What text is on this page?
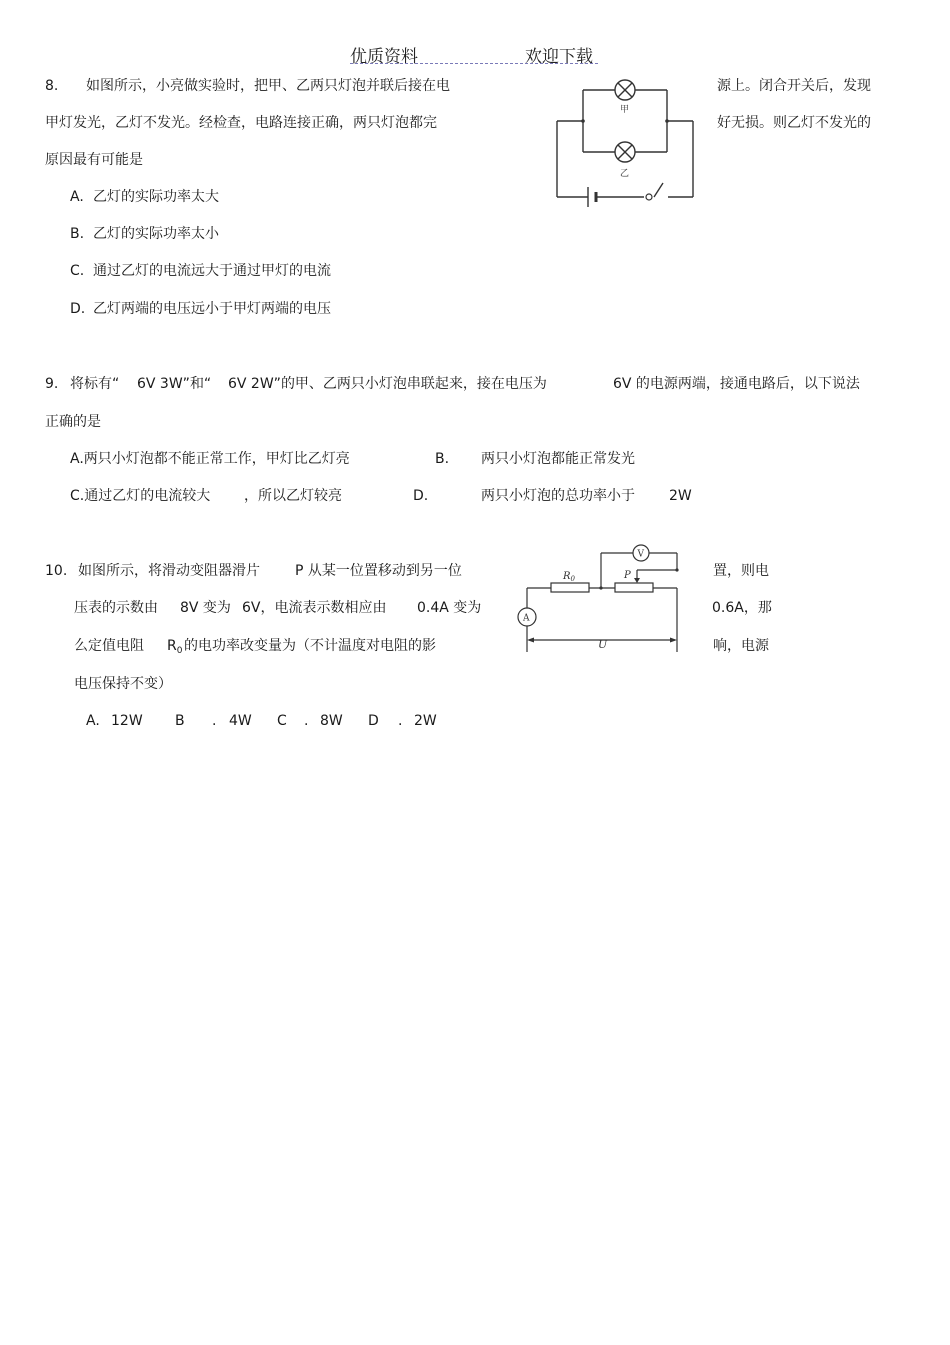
优质资料	欢迎下载
8. 如图所示，小亮做实验时，把甲、乙两只灯泡并联后接在电	源上。闭合开关后，发现
甲灯发光，乙灯不发光。经检查，电路连接正确，两只灯泡都完	好无损。则乙灯不发光的
原因最有可能是
A. 乙灯的实际功率太大
B. 乙灯的实际功率太小
C. 通过乙灯的电流远大于通过甲灯的电流
D. 乙灯两端的电压远小于甲灯两端的电压
甲
乙
9. 将标有“ 6V 3W”和“ 6V 2W”的甲、乙两只小灯泡串联起来，接在电压为	6V 的电源两端，接通电路后，以下说法
正确的是
A.两只小灯泡都不能正常工作，甲灯比乙灯亮	B. 两只小灯泡都能正常发光
C.通过乙灯的电流较大 ，所以乙灯较亮	D.	两只小灯泡的总功率小于 2W
10. 如图所示，将滑动变阻器滑片	P 从某一位置移动到另一位	置，则电
压表的示数由 8V 变为 6V，电流表示数相应由 0.4A 变为	0.6A，那
么定值电阻 $R_0$ 的电功率改变量为（不计温度对电阻的影	响，电源
电压保持不变）
A. 12W B . 4W C . 8W D . 2W
V
A
$R_0$	P
U
